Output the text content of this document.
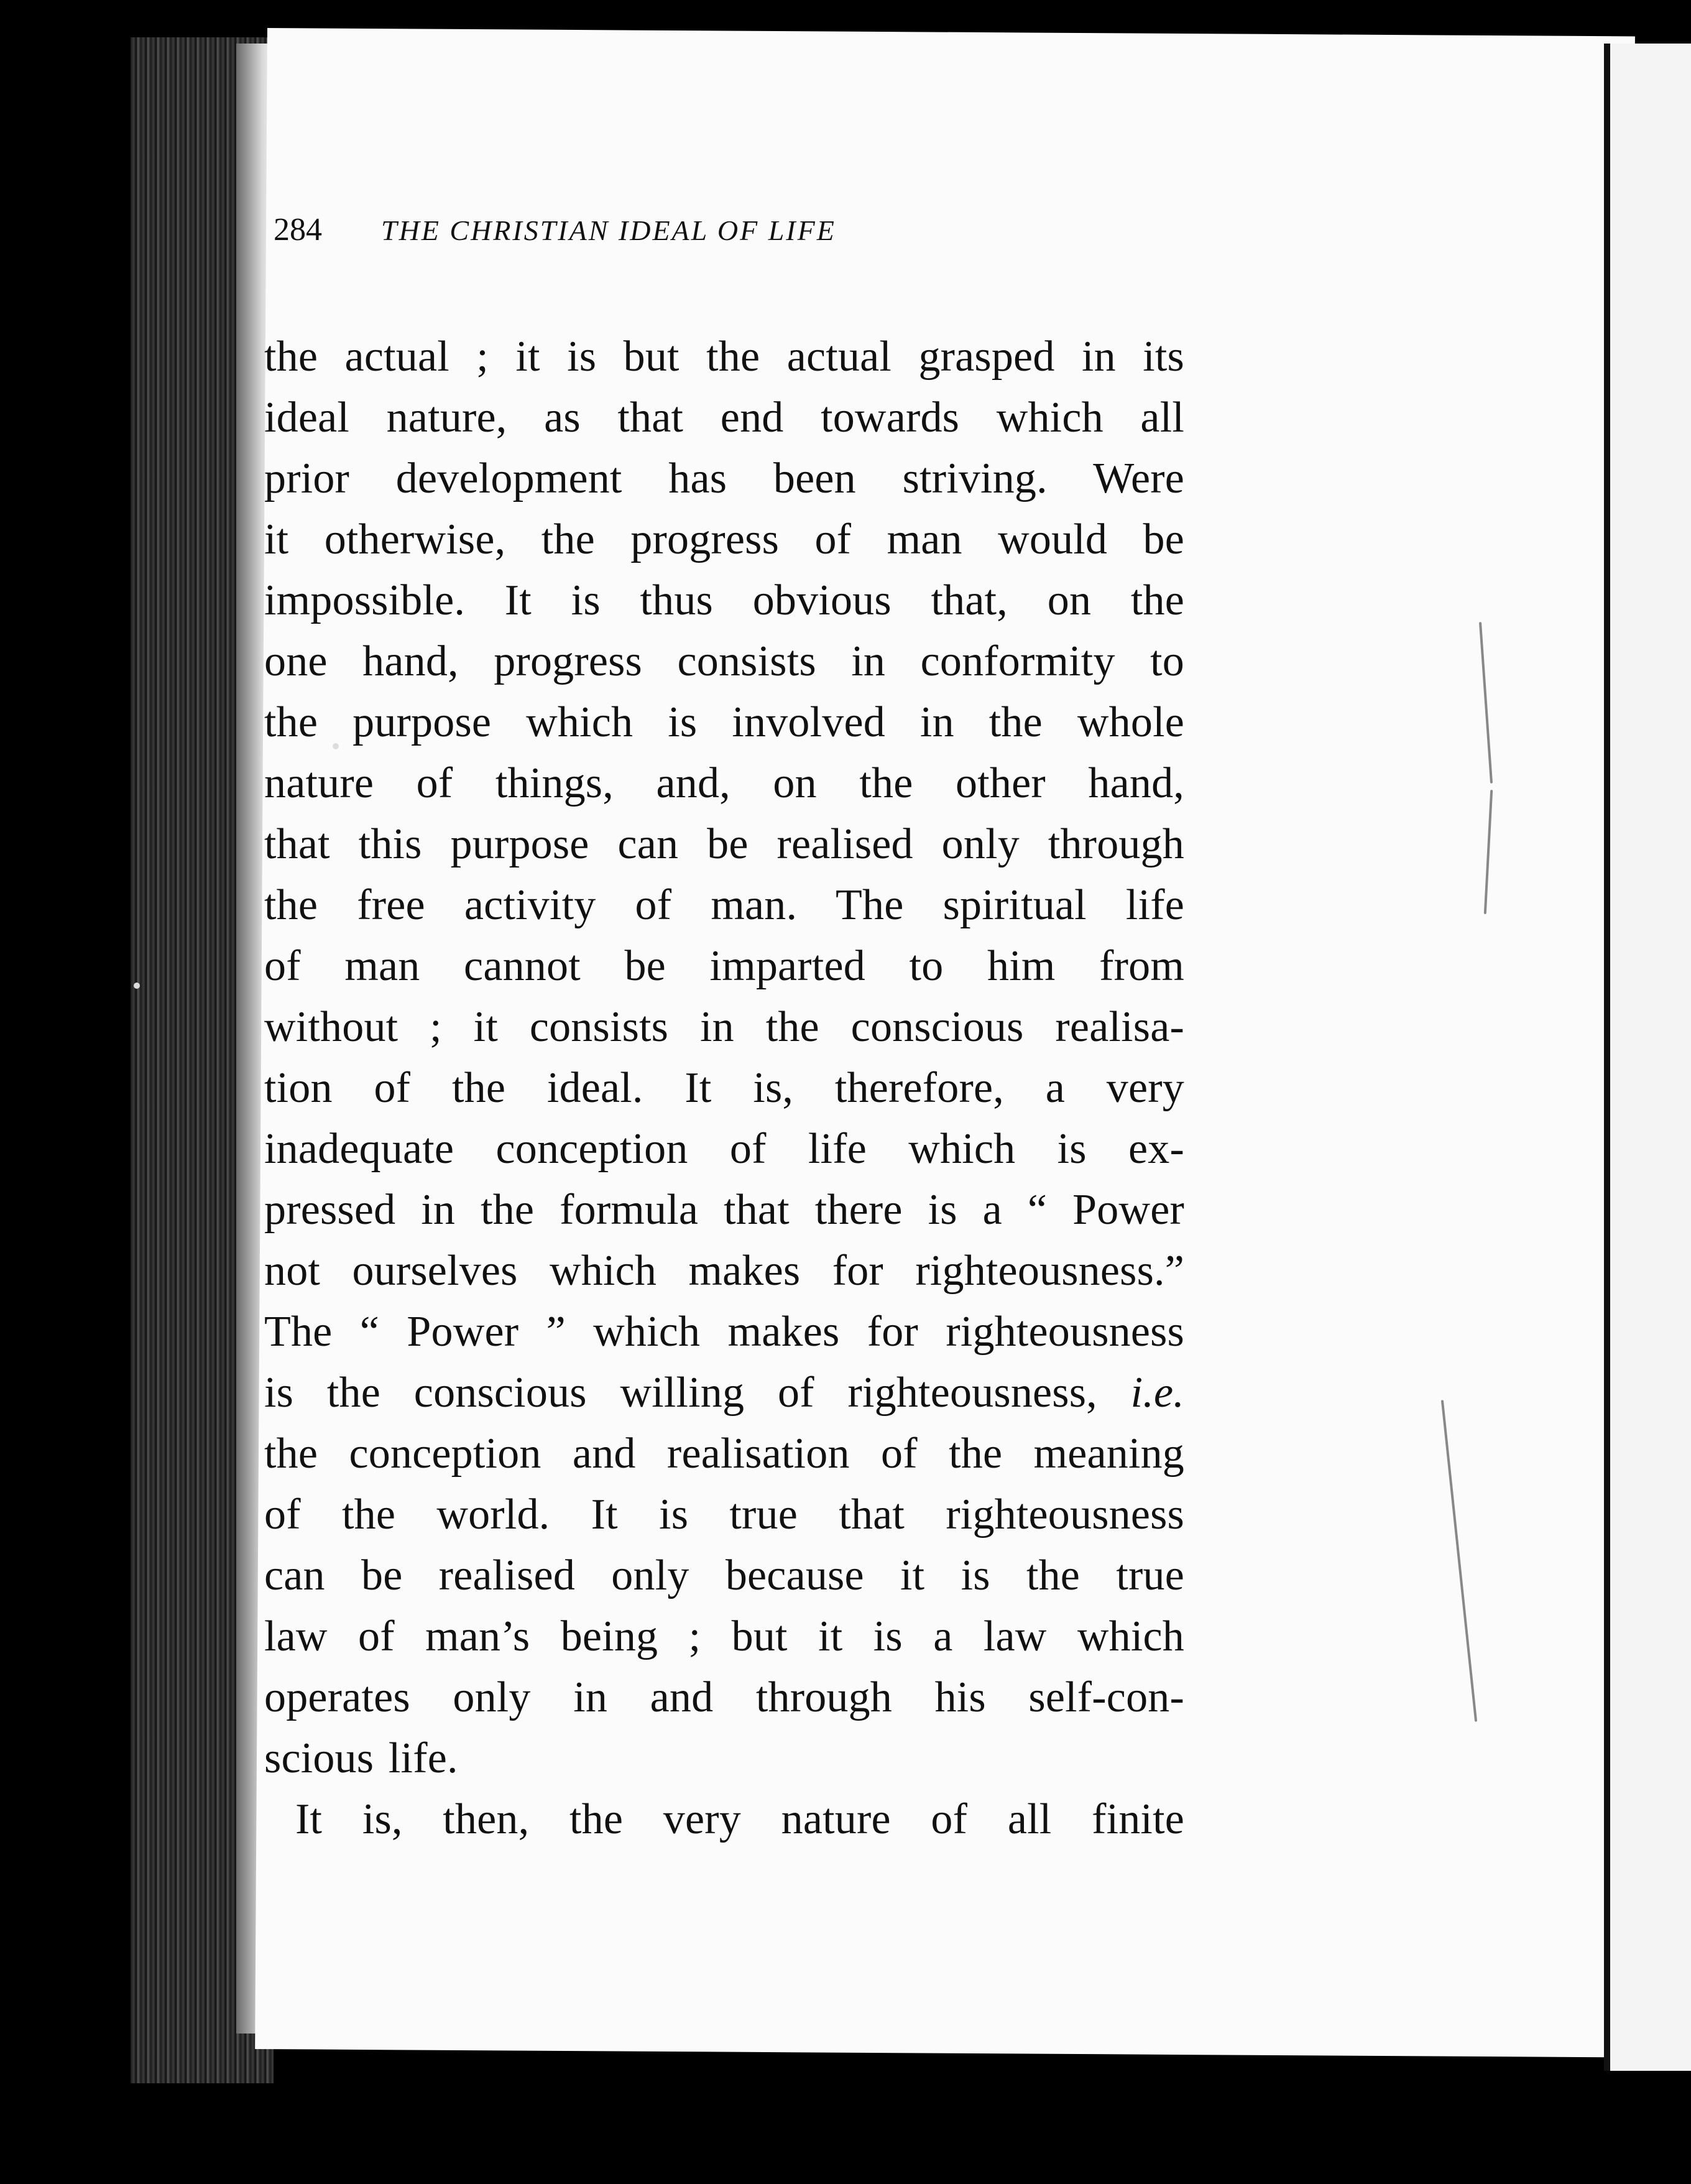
284 THE CHRISTIAN IDEAL OF LIFE
the actual ; it is but the actual grasped in its
ideal nature, as that end towards which all
prior development has been striving. Were
it otherwise, the progress of man would be
impossible. It is thus obvious that, on the
one hand, progress consists in conformity to
the purpose which is involved in the whole
nature of things, and, on the other hand,
that this purpose can be realised only through
the free activity of man. The spiritual life
of man cannot be imparted to him from
without ; it consists in the conscious realisa-
tion of the ideal. It is, therefore, a very
inadequate conception of life which is ex-
pressed in the formula that there is a “ Power
not ourselves which makes for righteousness.”
The “ Power ” which makes for righteousness
is the conscious willing of righteousness, i.e.
the conception and realisation of the meaning
of the world. It is true that righteousness
can be realised only because it is the true
law of man’s being ; but it is a law which
operates only in and through his self-con-
scious life.
It is, then, the very nature of all finite
